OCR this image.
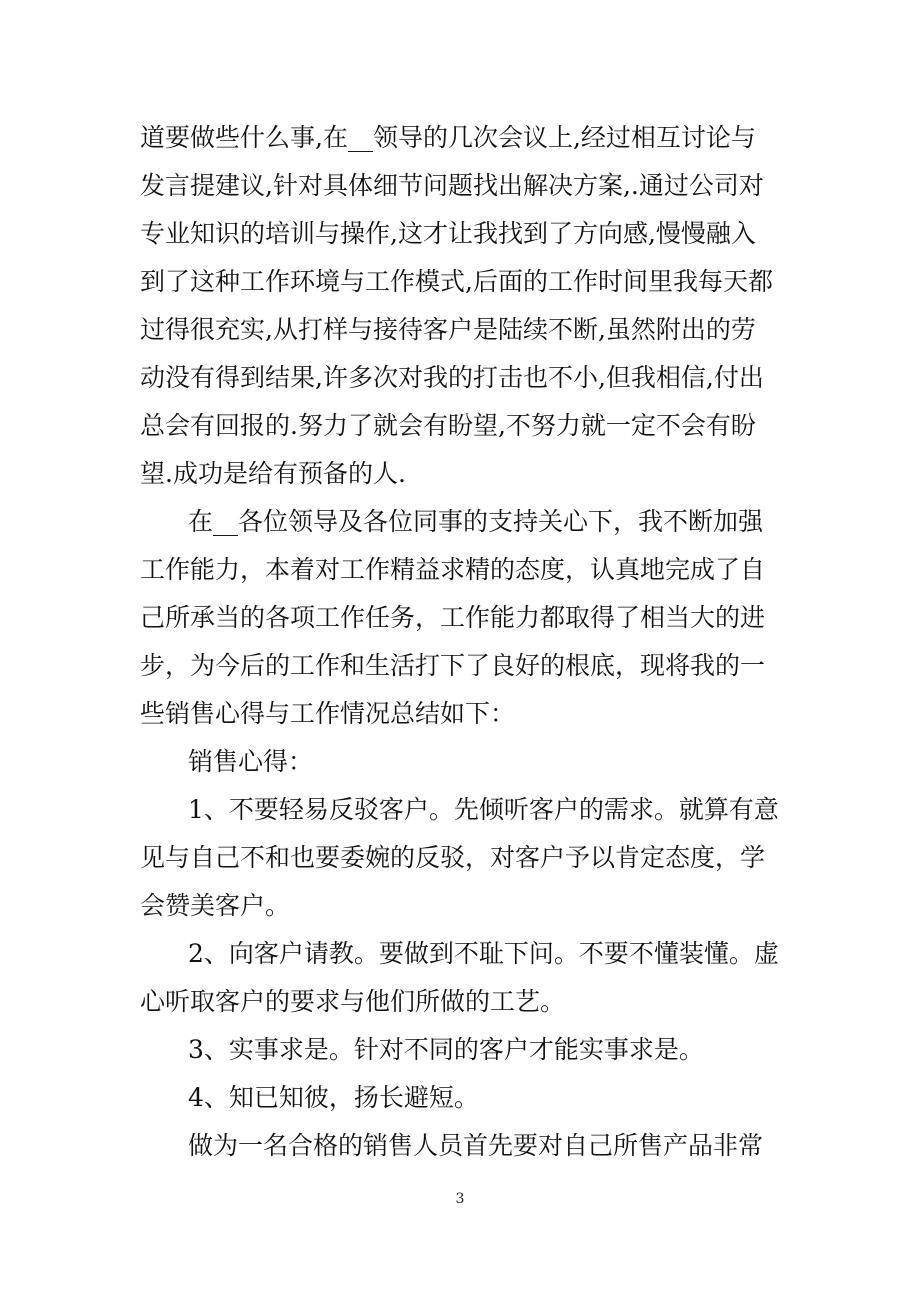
道要做些什么事,在__领导的几次会议上,经过相互讨论与
发言提建议,针对具体细节问题找出解决方案,.通过公司对
专业知识的培训与操作,这才让我找到了方向感,慢慢融入
到了这种工作环境与工作模式,后面的工作时间里我每天都
过得很充实,从打样与接待客户是陆续不断,虽然附出的劳
动没有得到结果,许多次对我的打击也不小,但我相信,付出
总会有回报的.努力了就会有盼望,不努力就一定不会有盼
望.成功是给有预备的人.
在__各位领导及各位同事的支持关心下，我不断加强
工作能力，本着对工作精益求精的态度，认真地完成了自
己所承当的各项工作任务，工作能力都取得了相当大的进
步，为今后的工作和生活打下了良好的根底，现将我的一
些销售心得与工作情况总结如下：
销售心得：
1、不要轻易反驳客户。先倾听客户的需求。就算有意
见与自己不和也要委婉的反驳，对客户予以肯定态度，学
会赞美客户。
2、向客户请教。要做到不耻下问。不要不懂装懂。虚
心听取客户的要求与他们所做的工艺。
3、实事求是。针对不同的客户才能实事求是。
4、知已知彼，扬长避短。
做为一名合格的销售人员首先要对自己所售产品非常
3
